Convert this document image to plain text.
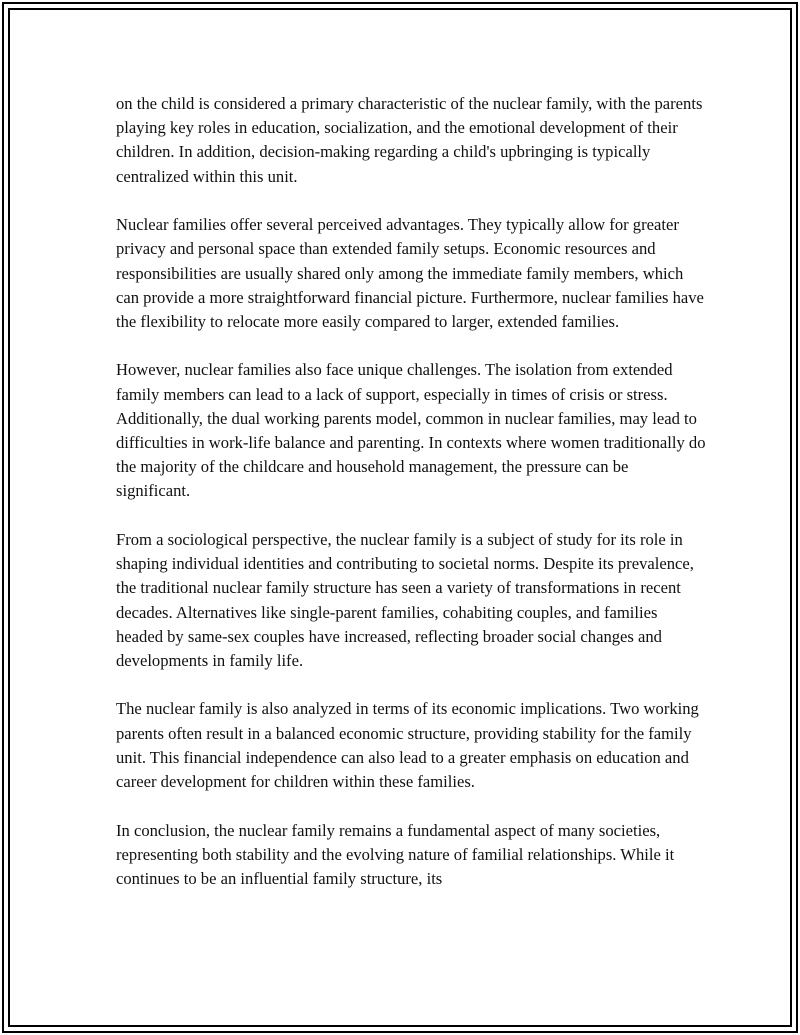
on the child is considered a primary characteristic of the nuclear family, with the parents playing key roles in education, socialization, and the emotional development of their children. In addition, decision-making regarding a child's upbringing is typically centralized within this unit.

Nuclear families offer several perceived advantages. They typically allow for greater privacy and personal space than extended family setups. Economic resources and responsibilities are usually shared only among the immediate family members, which can provide a more straightforward financial picture. Furthermore, nuclear families have the flexibility to relocate more easily compared to larger, extended families.

However, nuclear families also face unique challenges. The isolation from extended family members can lead to a lack of support, especially in times of crisis or stress. Additionally, the dual working parents model, common in nuclear families, may lead to difficulties in work-life balance and parenting. In contexts where women traditionally do the majority of the childcare and household management, the pressure can be significant.

From a sociological perspective, the nuclear family is a subject of study for its role in shaping individual identities and contributing to societal norms. Despite its prevalence, the traditional nuclear family structure has seen a variety of transformations in recent decades. Alternatives like single-parent families, cohabiting couples, and families headed by same-sex couples have increased, reflecting broader social changes and developments in family life.

The nuclear family is also analyzed in terms of its economic implications. Two working parents often result in a balanced economic structure, providing stability for the family unit. This financial independence can also lead to a greater emphasis on education and career development for children within these families.

In conclusion, the nuclear family remains a fundamental aspect of many societies, representing both stability and the evolving nature of familial relationships. While it continues to be an influential family structure, its
